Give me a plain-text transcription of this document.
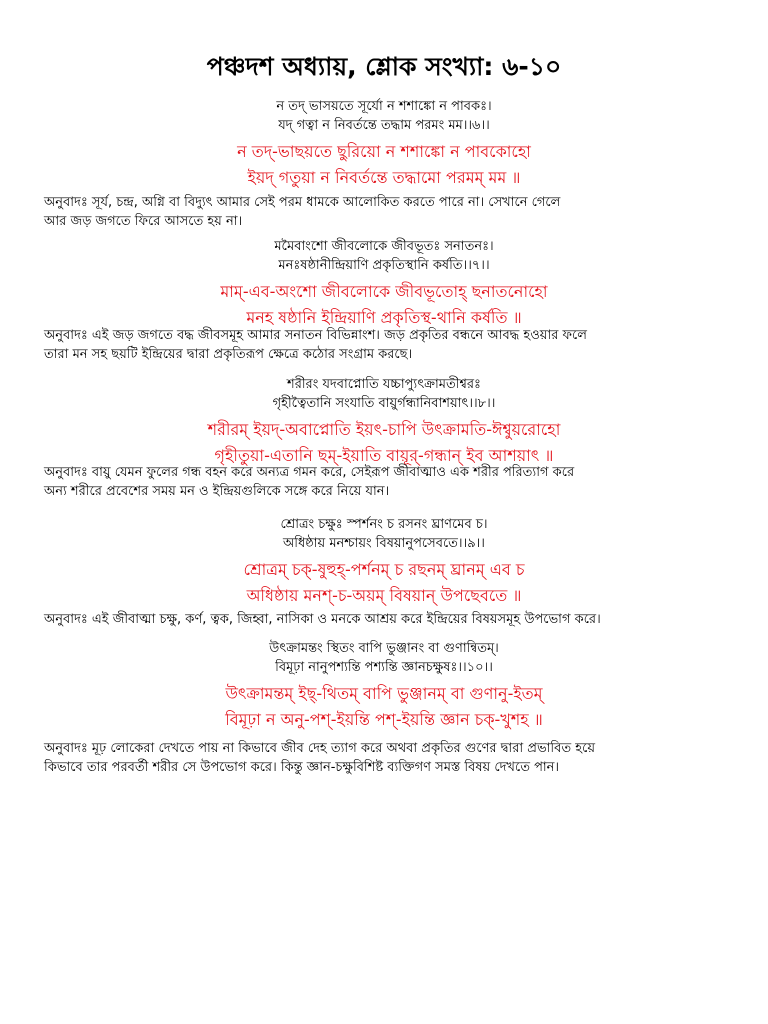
পঞ্চদশ অধ্যায়, শ্লোক সংখ্যা: ৬-১০
ন তদ্ ভাসয়তে সূর্যো ন শশাঙ্কো ন পাবকঃ।
যদ্ গত্বা ন নিবর্তন্তে তদ্ধাম পরমং মম।।৬।।
ন তদ্-ভাছয়তে ছুরিয়ো ন শশাঙ্কো ন পাবকোহো
ইয়দ্ গতুয়া ন নিবর্তন্তে তদ্ধামো পরমম্ মম ॥
অনুবাদঃ সূর্য, চন্দ্র, অগ্নি বা বিদ্যুৎ আমার সেই পরম ধামকে আলোকিত করতে পারে না। সেখানে গেলে
আর জড় জগতে ফিরে আসতে হয় না।
মমৈবাংশো জীবলোকে জীবভূতঃ সনাতনঃ।
মনঃষষ্ঠানীন্দ্রিয়াণি প্রকৃতিস্থানি কর্ষতি।।৭।।
মাম্-এব-অংশো জীবলোকে জীবভূতোহ্ ছনাতনোহো
মনহ ষষ্ঠানি ইন্দ্রিয়াণি প্রকৃতিস্থ-থানি কর্ষতি ॥
অনুবাদঃ এই জড় জগতে বদ্ধ জীবসমূহ আমার সনাতন বিভিন্নাংশ। জড় প্রকৃতির বন্ধনে আবদ্ধ হওয়ার ফলে
তারা মন সহ ছয়টি ইন্দ্রিয়ের দ্বারা প্রকৃতিরূপ ক্ষেত্রে কঠোর সংগ্রাম করছে।
শরীরং যদবাপ্নোতি যচ্চাপ্যুৎক্রামতীশ্বরঃ
গৃহীত্বৈতানি সংযাতি বায়ুর্গন্ধানিবাশয়াৎ।।৮।।
শরীরম্ ইয়দ্-অবাপ্নোতি ইয়ৎ-চাপি উৎক্রামতি-ঈশ্বুয়রোহো
গৃহীতুয়া-এতানি ছম্-ইয়াতি বায়ূর্-গন্ধান্ ইব আশয়াৎ ॥
অনুবাদঃ বায়ু যেমন ফুলের গন্ধ বহন করে অন্যত্র গমন করে, সেইরূপ জীবাত্মাও এক শরীর পরিত্যাগ করে
অন্য শরীরে প্রবেশের সময় মন ও ইন্দ্রিয়গুলিকে সঙ্গে করে নিয়ে যান।
শ্রোত্রং চক্ষুঃ স্পর্শনং চ রসনং ঘ্রাণমেব চ।
অধিষ্ঠায় মনশ্চায়ং বিষয়ানুপসেবতে।।৯।।
শ্রোত্রম্ চক্-ষুহুহ্-পর্শনম্ চ রছনম্ ঘ্রানম্ এব চ
অধিষ্ঠায় মনশ্-চ-অয়ম্ বিষয়ান্ উপছেবতে ॥
অনুবাদঃ এই জীবাত্মা চক্ষু, কর্ণ, ত্বক, জিহ্বা, নাসিকা ও মনকে আশ্রয় করে ইন্দ্রিয়ের বিষয়সমূহ উপভোগ করে।
উৎক্রামন্তং স্থিতং বাপি ভুঞ্জানং বা গুণান্বিতম্।
বিমূঢ়া নানুপশ্যন্তি পশ্যন্তি জ্ঞানচক্ষুষঃ।।১০।।
উৎক্রামন্তম্ ইছ্-থিতম্ বাপি ভুঞ্জানম্ বা গুণানু-ইতম্
বিমূঢ়া ন অনু-পশ্-ইয়ন্তি পশ্-ইয়ন্তি জ্ঞান চক্-খুশহ ॥
অনুবাদঃ মূঢ় লোকেরা দেখতে পায় না কিভাবে জীব দেহ ত্যাগ করে অথবা প্রকৃতির গুণের দ্বারা প্রভাবিত হয়ে
কিভাবে তার পরবর্তী শরীর সে উপভোগ করে। কিন্তু জ্ঞান-চক্ষুবিশিষ্ট ব্যক্তিগণ সমস্ত বিষয় দেখতে পান।
